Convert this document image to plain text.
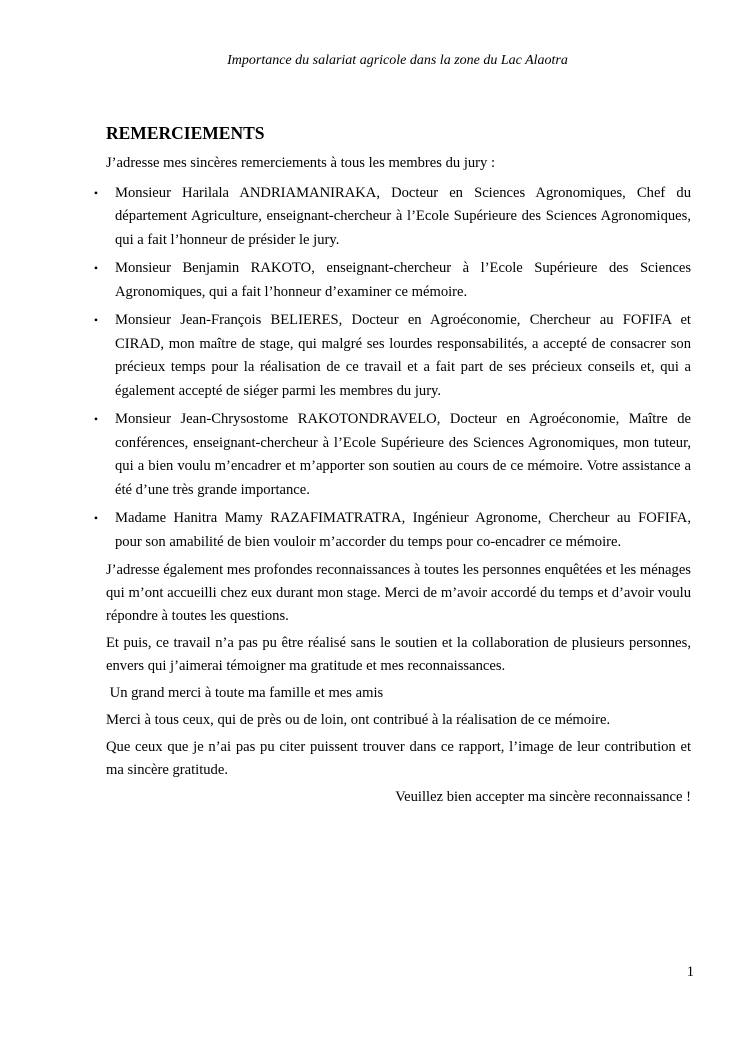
Importance du salariat agricole dans la zone du Lac Alaotra
REMERCIEMENTS

J’adresse mes sincères remerciements à tous les membres du jury :

• Monsieur Harilala ANDRIAMANIRAKA, Docteur en Sciences Agronomiques, Chef du département Agriculture, enseignant-chercheur à l’Ecole Supérieure des Sciences Agronomiques, qui a fait l’honneur de présider le jury.
• Monsieur Benjamin RAKOTO, enseignant-chercheur à l’Ecole Supérieure des Sciences Agronomiques, qui a fait l’honneur d’examiner ce mémoire.
• Monsieur Jean-François BELIERES, Docteur en Agroéconomie, Chercheur au FOFIFA et CIRAD, mon maître de stage, qui malgré ses lourdes responsabilités, a accepté de consacrer son précieux temps pour la réalisation de ce travail et a fait part de ses précieux conseils et, qui a également accepté de siéger parmi les membres du jury.
• Monsieur Jean-Chrysostome RAKOTONDRAVELO, Docteur en Agroéconomie, Maître de conférences, enseignant-chercheur à l’Ecole Supérieure des Sciences Agronomiques, mon tuteur, qui a bien voulu m’encadrer et m’apporter son soutien au cours de ce mémoire. Votre assistance a été d’une très grande importance.
• Madame Hanitra Mamy RAZAFIMATRATRA, Ingénieur Agronome, Chercheur au FOFIFA, pour son amabilité de bien vouloir m’accorder du temps pour co-encadrer ce mémoire.

J’adresse également mes profondes reconnaissances à toutes les personnes enquêtées et les ménages qui m’ont accueilli chez eux durant mon stage. Merci de m’avoir accordé du temps et d’avoir voulu répondre à toutes les questions.

Et puis, ce travail n’a pas pu être réalisé sans le soutien et la collaboration de plusieurs personnes, envers qui j’aimerai témoigner ma gratitude et mes reconnaissances.

Un grand merci à toute ma famille et mes amis

Merci à tous ceux, qui de près ou de loin, ont contribué à la réalisation de ce mémoire.

Que ceux que je n’ai pas pu citer puissent trouver dans ce rapport, l’image de leur contribution et ma sincère gratitude.

Veuillez bien accepter ma sincère reconnaissance !

1
